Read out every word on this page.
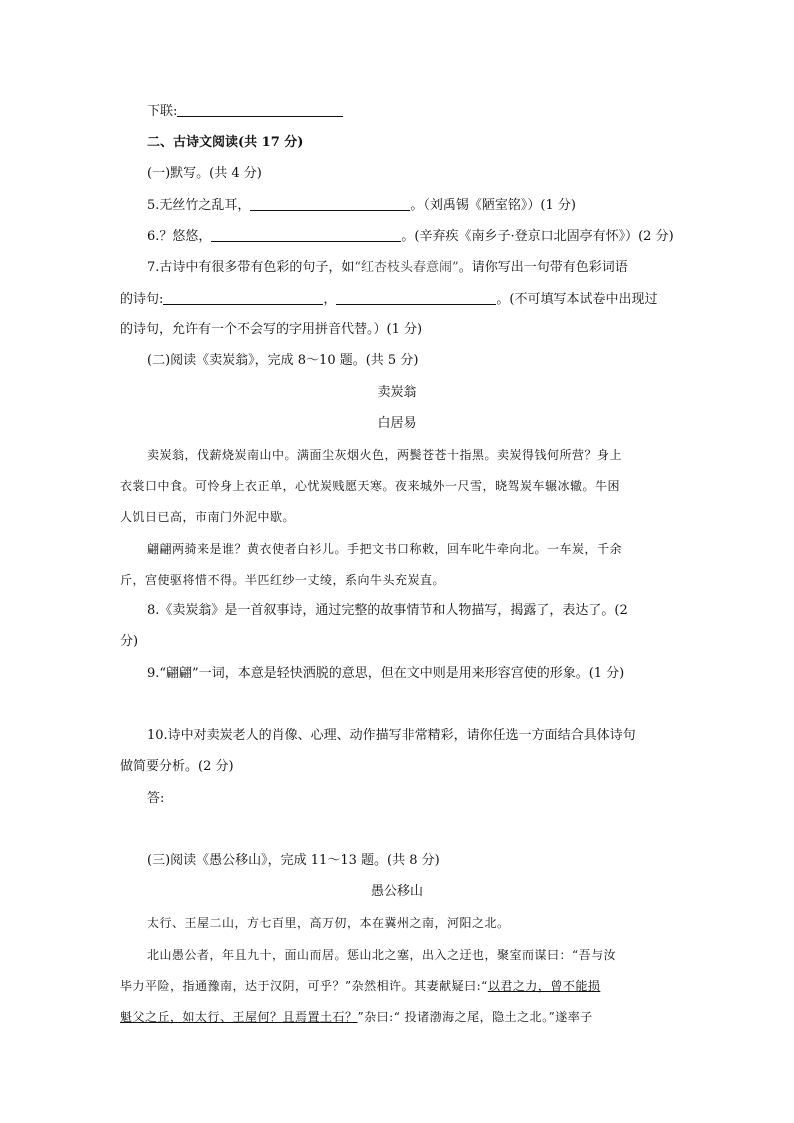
下联:
二、古诗文阅读(共 17 分)
(一)默写。(共 4 分)
5.无丝竹之乱耳，	。（刘禹锡《陋室铭》）(1 分)
6.？悠悠，	。(辛弃疾《南乡子·登京口北固亭有怀》）(2 分)
7.古诗中有很多带有色彩的句子，如“红杏枝头春意闹”。请你写出一句带有色彩词语
的诗句:	，	。(不可填写本试卷中出现过
的诗句，允许有一个不会写的字用拼音代替。）(1 分)
(二)阅读《卖炭翁》，完成 8～10 题。(共 5 分)
卖炭翁
白居易
卖炭翁，伐薪烧炭南山中。满面尘灰烟火色，两鬓苍苍十指黑。卖炭得钱何所营？身上
衣裳口中食。可怜身上衣正单，心忧炭贱愿天寒。夜来城外一尺雪，晓驾炭车辗冰辙。牛困
人饥日已高，市南门外泥中歇。
翩翩两骑来是谁？黄衣使者白衫儿。手把文书口称敕，回车叱牛牵向北。一车炭，千余
斤，宫使驱将惜不得。半匹红纱一丈绫，系向牛头充炭直。
8.《卖炭翁》是一首叙事诗，通过完整的故事情节和人物描写，揭露了，表达了。(2
分)
9.“翩翩”一词，本意是轻快洒脱的意思，但在文中则是用来形容宫使的形象。(1 分)
10.诗中对卖炭老人的肖像、心理、动作描写非常精彩，请你任选一方面结合具体诗句
做简要分析。(2 分)
答:
(三)阅读《愚公移山》，完成 11～13 题。(共 8 分)
愚公移山
太行、王屋二山，方七百里，高万仞，本在冀州之南，河阳之北。
北山愚公者，年且九十，面山而居。惩山北之塞，出入之迂也，聚室而谋曰：“吾与汝
毕力平险，指通豫南，达于汉阴，可乎？”杂然相许。其妻献疑曰:“以君之力，曾不能损
魁父之丘，如太行、王屋何？且焉置土石？”杂曰:“ 投诸渤海之尾，隐土之北。”遂率子
